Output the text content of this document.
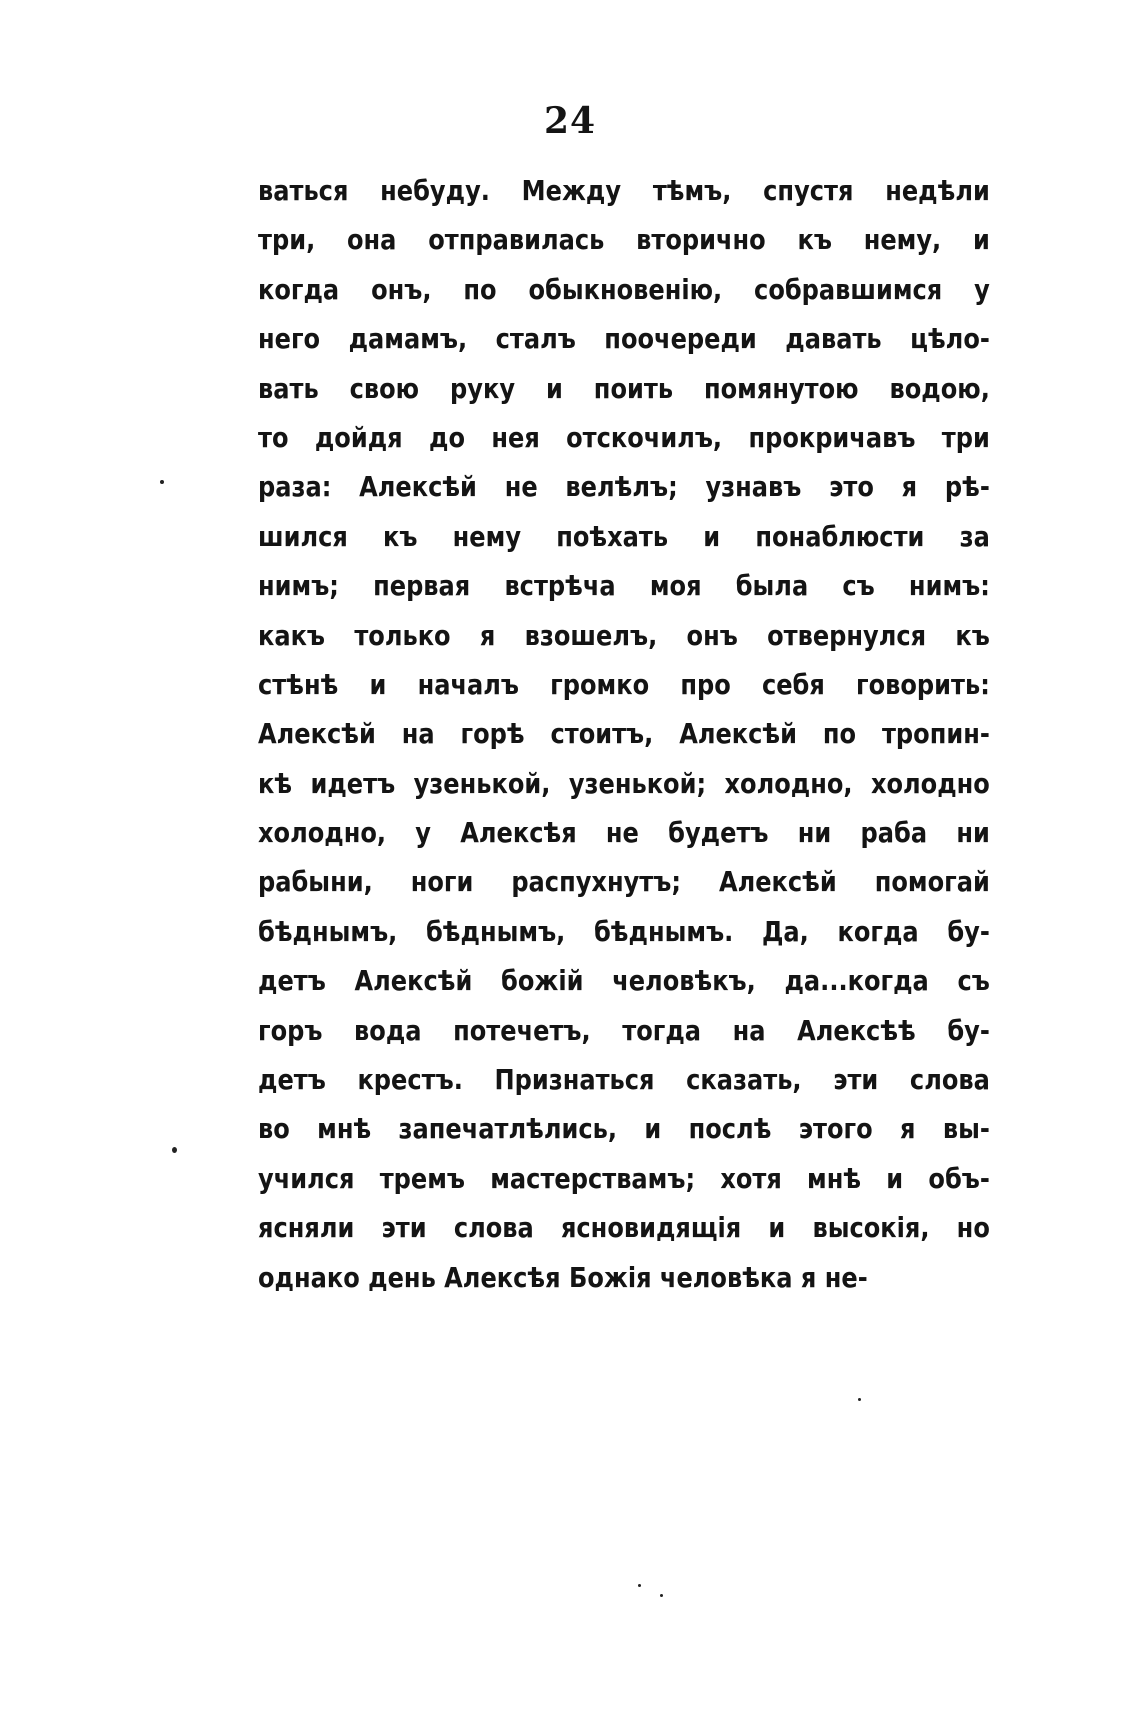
24
ваться небуду. Между тѣмъ, спустя недѣли
три, она отправилась вторично къ нему, и
когда онъ, по обыкновенiю, собравшимся у
него дамамъ, сталъ поочереди давать цѣло-
вать свою руку и поить помянутою водою,
то дойдя до нея отскочилъ, прокричавъ три
раза: Алексѣй не велѣлъ; узнавъ это я рѣ-
шился къ нему поѣхать и понаблюсти за
нимъ; первая встрѣча моя была съ нимъ:
какъ только я взошелъ, онъ отвернулся къ
стѣнѣ и началъ громко про себя говорить:
Алексѣй на горѣ стоитъ, Алексѣй по тропин-
кѣ идетъ узенькой, узенькой; холодно, холодно
холодно, у Алексѣя не будетъ ни раба ни
рабыни, ноги распухнутъ; Алексѣй помогай
бѣднымъ, бѣднымъ, бѣднымъ. Да, когда бу-
детъ Алексѣй божiй человѣкъ, да...когда съ
горъ вода потечетъ, тогда на Алексѣѣ бу-
детъ крестъ. Признаться сказать, эти слова
во мнѣ запечатлѣлись, и послѣ этого я вы-
учился тремъ мастерствамъ; хотя мнѣ и объ-
ясняли эти слова ясновидящiя и высокiя, но
однако день Алексѣя Божiя человѣка я не-
